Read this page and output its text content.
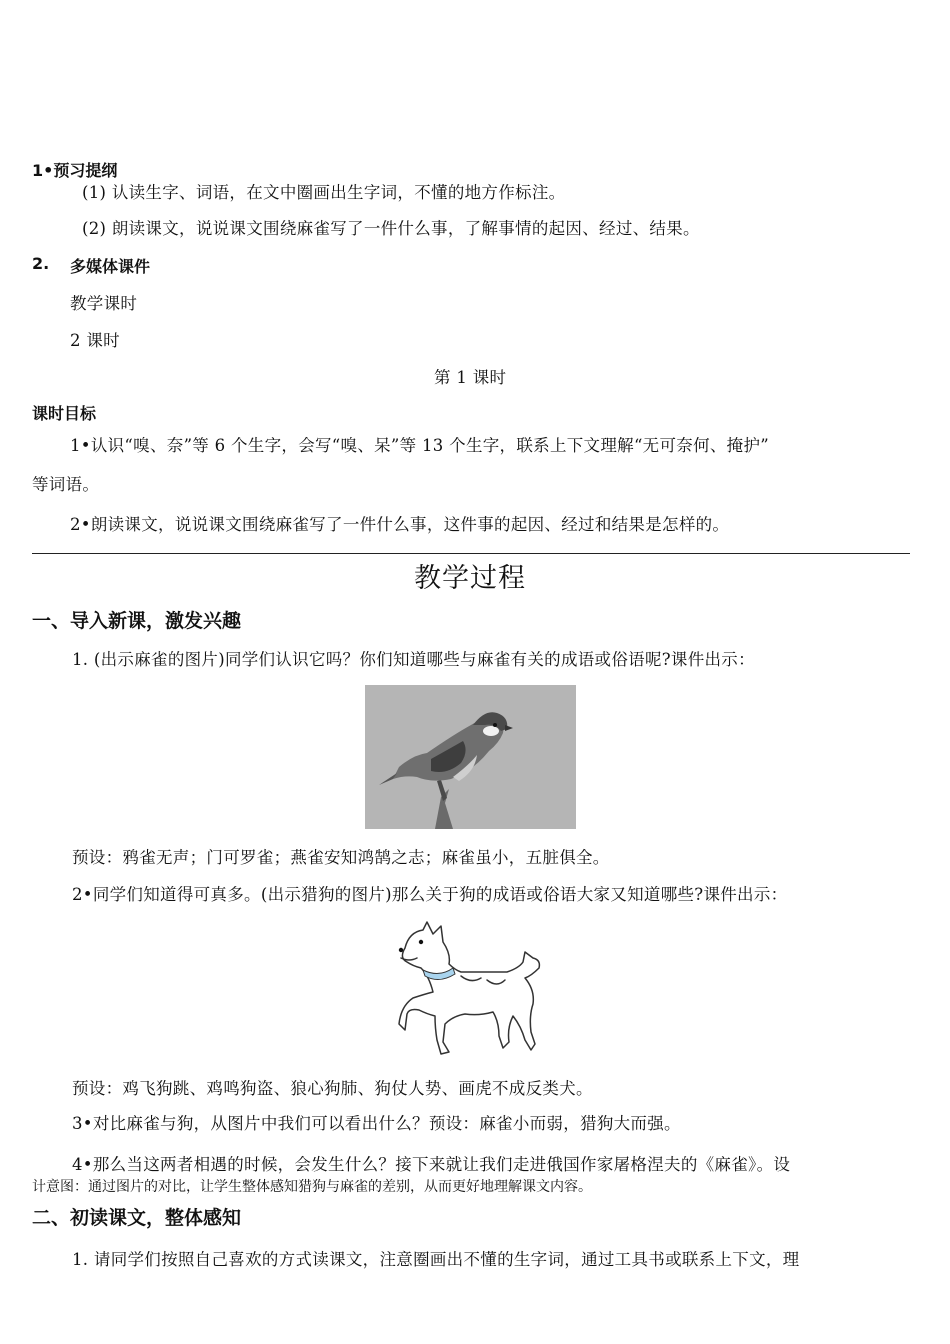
1•预习提纲
(1) 认读生字、词语，在文中圈画出生字词，不懂的地方作标注。
(2) 朗读课文，说说课文围绕麻雀写了一件什么事，了解事情的起因、经过、结果。
2. 多媒体课件
教学课时
2 课时
第 1 课时
课时目标
1•认识“嗅、奈”等 6 个生字，会写“嗅、呆”等 13 个生字，联系上下文理解“无可奈何、掩护”
等词语。
2•朗读课文，说说课文围绕麻雀写了一件什么事，这件事的起因、经过和结果是怎样的。
教学过程
一、导入新课，激发兴趣
1. (出示麻雀的图片)同学们认识它吗？你们知道哪些与麻雀有关的成语或俗语呢?课件出示：
预设：鸦雀无声；门可罗雀；燕雀安知鸿鹄之志；麻雀虽小，五脏俱全。
2•同学们知道得可真多。(出示猎狗的图片)那么关于狗的成语或俗语大家又知道哪些?课件出示：
预设：鸡飞狗跳、鸡鸣狗盗、狼心狗肺、狗仗人势、画虎不成反类犬。
3•对比麻雀与狗，从图片中我们可以看出什么？预设：麻雀小而弱，猎狗大而强。
4•那么当这两者相遇的时候，会发生什么？接下来就让我们走进俄国作家屠格涅夫的《麻雀》。设
计意图：通过图片的对比，让学生整体感知猎狗与麻雀的差别，从而更好地理解课文内容。
二、初读课文，整体感知
1. 请同学们按照自己喜欢的方式读课文，注意圈画出不懂的生字词，通过工具书或联系上下文，理
